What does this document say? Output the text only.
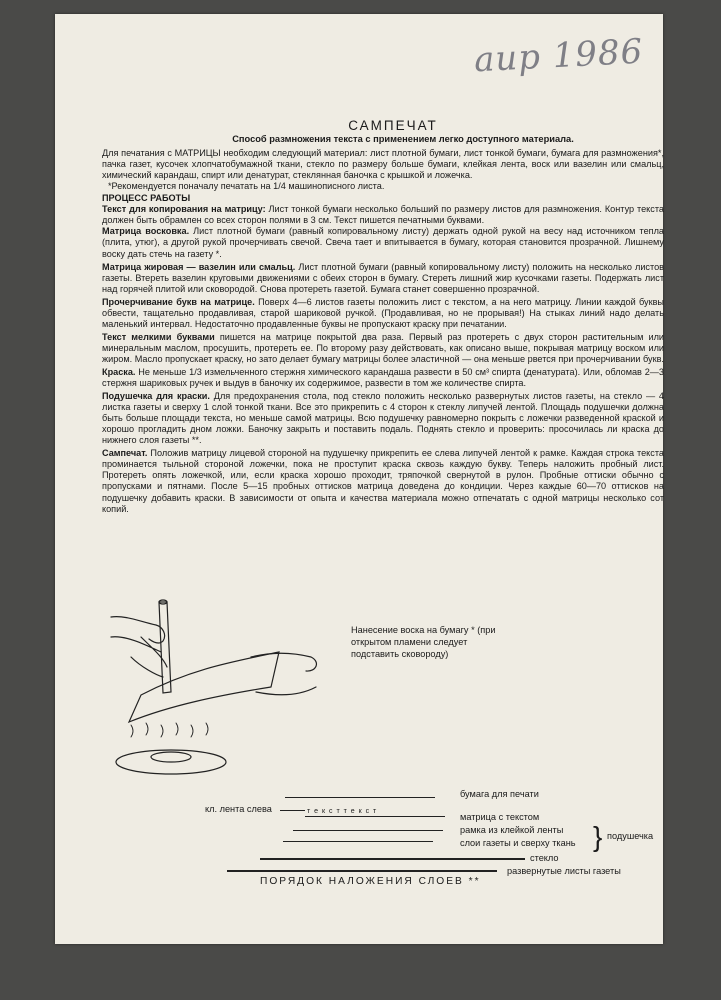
аир 1986
САМПЕЧАТ
Способ размножения текста с применением легко доступного материала.

Для печатания с МАТРИЦЫ необходим следующий материал: лист плотной бумаги, лист тонкой бумаги, бумага для размножения*, пачка газет, кусочек хлопчатобумажной ткани, стекло по размеру больше бумаги, клейкая лента, воск или вазелин или смальц, химический карандаш, спирт или денатурат, стеклянная баночка с крышкой и ложечка.

*Рекомендуется поначалу печатать на 1/4 машинописного листа.

ПРОЦЕСС РАБОТЫ

Текст для копирования на матрицу: Лист тонкой бумаги несколько больший по размеру листов для размножения. Контур текста должен быть обрамлен со всех сторон полями в 3 см. Текст пишется печатными буквами.

Матрица восковка. Лист плотной бумаги (равный копировальному листу) держать одной рукой на весу над источником тепла (плита, утюг), а другой рукой прочерчивать свечой. Свеча тает и впитывается в бумагу, которая становится прозрачной. Лишнему воску дать стечь на газету *.

Матрица жировая — вазелин или смальц. Лист плотной бумаги (равный копировальному листу) положить на несколько листов газеты. Втереть вазелин круговыми движениями с обеих сторон в бумагу. Стереть лишний жир кусочками газеты. Подержать лист над горячей плитой или сковородой. Снова протереть газетой. Бумага станет совершенно прозрачной.

Прочерчивание букв на матрице. Поверх 4—6 листов газеты положить лист с текстом, а на него матрицу. Линии каждой буквы обвести, тащательно продавливая, старой шариковой ручкой. (Продавливая, но не прорывая!) На стыках линий надо делать маленький интервал. Недостаточно продавленные буквы не пропускают краску при печатании.

Текст мелкими буквами пишется на матрице покрытой два раза. Первый раз протереть с двух сторон растительным или минеральным маслом, просушить, протереть ее. По второму разу действовать, как описано выше, покрывая матрицу воском или жиром. Масло пропускает краску, но зато делает бумагу матрицы более эластичной — она меньше рвется при прочерчивании букв.

Краска. Не меньше 1/3 измельченного стержня химического карандаша развести в 50 см³ спирта (денатурата). Или, обломав 2—3 стержня шариковых ручек и выдув в баночку их содержимое, развести в том же количестве спирта.

Подушечка для краски. Для предохранения стола, под стекло положить несколько развернутых листов газеты, на стекло — 4 листка газеты и сверху 1 слой тонкой ткани. Все это прикрепить с 4 сторон к стеклу липучей лентой. Площадь подушечки должна быть больше площади текста, но меньше самой матрицы. Всю подушечку равномерно покрыть с ложечки разведенной краской и хорошо прогладить дном ложки. Баночку закрыть и поставить подаль. Поднять стекло и проверить: просочилась ли краска до нижнего слоя газеты **.

Сампечат. Положив матрицу лицевой стороной на пудушечку прикрепить ее слева липучей лентой к рамке. Каждая строка текста проминается тыльной стороной ложечки, пока не проступит краска сквозь каждую букву. Теперь наложить пробный лист. Протереть опять ложечкой, или, если краска хорошо проходит, тряпочкой свернутой в рулон. Пробные оттиски обычно с пропусками и пятнами. После 5—15 пробных оттисков матрица доведена до кондиции. Через каждые 60—70 оттисков на подушечку добавить краски. В зависимости от опыта и качества материала можно отпечатать с одной матрицы несколько сот копий.

Нанесение воска на бумагу * (при открытом пламени следует подставить сковороду)
бумага для печати
кл. лента слева	т е к с т т е к с т
матрица с текстом
рамка из клейкой ленты
слои газеты и сверху ткань } подушечка
стекло
развернутые листы газеты
ПОРЯДОК НАЛОЖЕНИЯ СЛОЕВ **
